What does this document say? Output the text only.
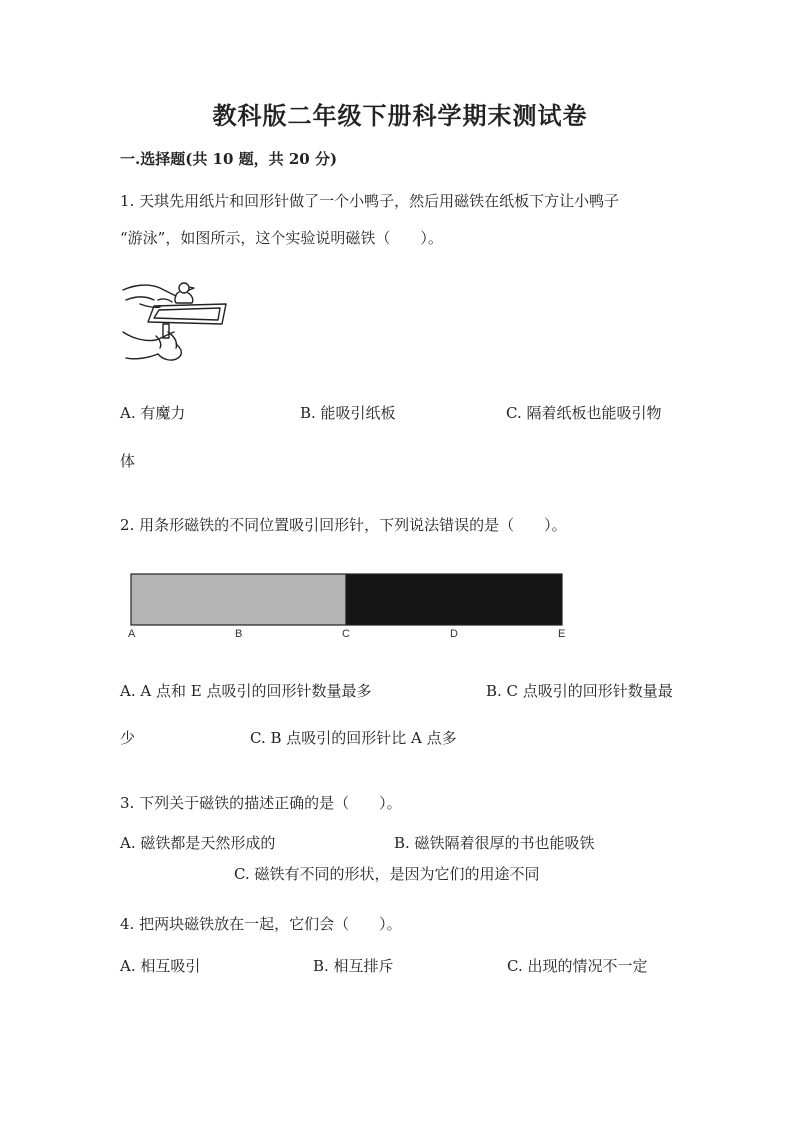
教科版二年级下册科学期末测试卷
一.选择题(共 10 题，共 20 分)
1. 天琪先用纸片和回形针做了一个小鸭子，然后用磁铁在纸板下方让小鸭子
“游泳”，如图所示，这个实验说明磁铁（　　）。
A. 有魔力	B. 能吸引纸板	C. 隔着纸板也能吸引物
体
2. 用条形磁铁的不同位置吸引回形针，下列说法错误的是（　　）。
A	B	C	D	E
A. A 点和 E 点吸引的回形针数量最多	B. C 点吸引的回形针数量最
少	C. B 点吸引的回形针比 A 点多
3. 下列关于磁铁的描述正确的是（　　）。
A. 磁铁都是天然形成的	B. 磁铁隔着很厚的书也能吸铁
C. 磁铁有不同的形状，是因为它们的用途不同
4. 把两块磁铁放在一起，它们会（　　）。
A. 相互吸引	B. 相互排斥	C. 出现的情况不一定
